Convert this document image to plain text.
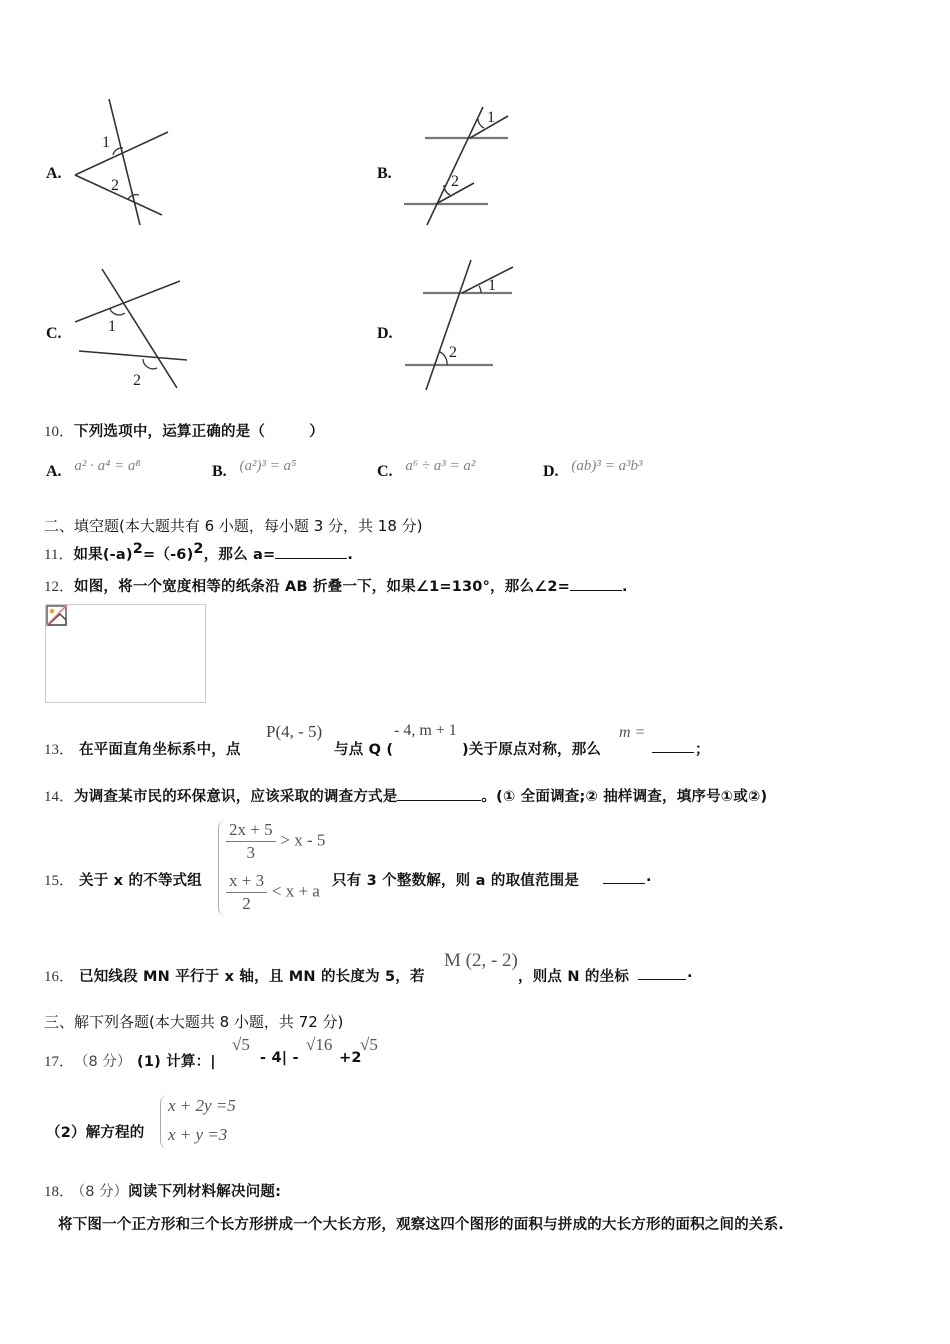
A.
1
2
B.
1
2
C.	1
2
D.
1
2
10．下列选项中，运算正确的是（　　　）
A. a² · a⁴ = a⁸	B. (a²)³ = a⁵	C. a⁶ ÷ a³ = a²	D. (ab)³ = a³b³
二、填空题(本大题共有 6 小题，每小题 3 分，共 18 分)
11．如果$(-a)^2=(-6)^2$，那么 a=	.
12．如图，将一个宽度相等的纸条沿 AB 折叠一下，如果∠1=130°，那么∠2=	.
13． 在平面直角坐标系中，点
P(4, - 5)
与点 Q (
- 4, m + 1
)关于原点对称，那么
m =
；
14．为调查某市民的环保意识，应该采取的调查方式是	。(① 全面调查;② 抽样调查，填序号①或②)
15． 关于 x 的不等式组
$\frac{2x + 5}{3} > x - 5$
$\frac{x + 3}{2} < x + a$
只有 3 个整数解，则 a 的取值范围是	.
16． 已知线段 MN 平行于 x 轴，且 MN 的长度为 5，若
M (2, - 2)
，则点 N 的坐标	.
三、解下列各题(本大题共 8 小题，共 72 分)
17． （8 分） (1) 计算：|
√5
- 4| -
√16
+2
√5
（2）解方程的
x + 2y =5
x + y =3
18． （8 分）阅读下列材料解决问题:
将下图一个正方形和三个长方形拼成一个大长方形，观察这四个图形的面积与拼成的大长方形的面积之间的关系.
